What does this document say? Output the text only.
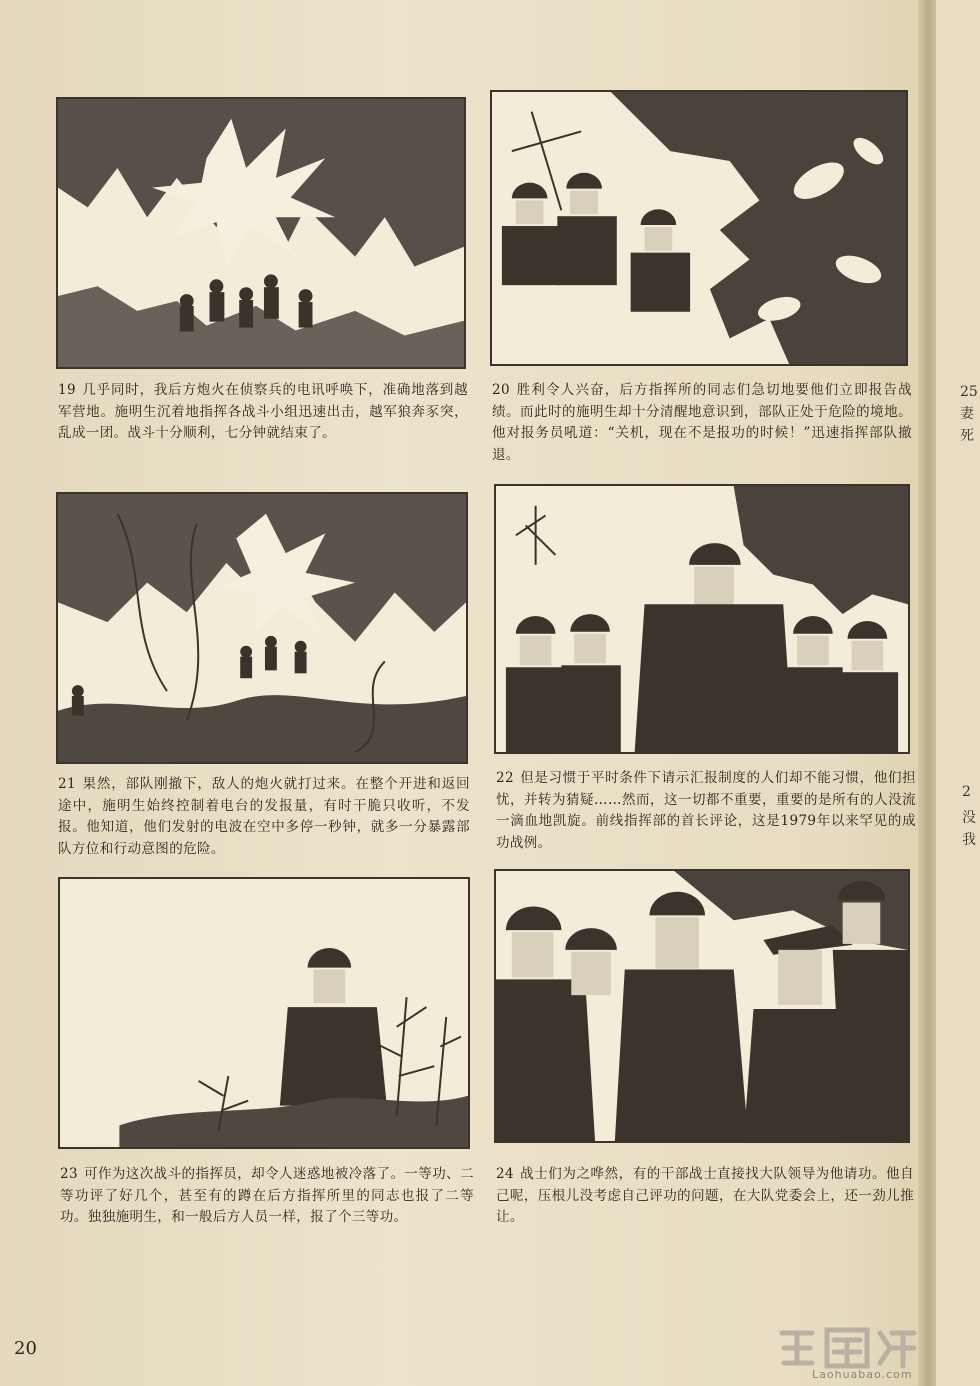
25
妻
死
2
没
我
19 几乎同时，我后方炮火在侦察兵的电讯呼唤下，准确地落到越军营地。施明生沉着地指挥各战斗小组迅速出击，越军狼奔豕突，乱成一团。战斗十分顺利，七分钟就结束了。
20 胜利令人兴奋，后方指挥所的同志们急切地要他们立即报告战绩。而此时的施明生却十分清醒地意识到，部队正处于危险的境地。他对报务员吼道：“关机，现在不是报功的时候！”迅速指挥部队撤退。
21 果然，部队刚撤下，敌人的炮火就打过来。在整个开进和返回途中，施明生始终控制着电台的发报量，有时干脆只收听，不发报。他知道，他们发射的电波在空中多停一秒钟，就多一分暴露部队方位和行动意图的危险。
22 但是习惯于平时条件下请示汇报制度的人们却不能习惯，他们担忧，并转为猜疑……然而，这一切都不重要，重要的是所有的人没流一滴血地凯旋。前线指挥部的首长评论，这是1979年以来罕见的成功战例。
23 可作为这次战斗的指挥员，却令人迷惑地被冷落了。一等功、二等功评了好几个，甚至有的蹲在后方指挥所里的同志也报了二等功。独独施明生，和一般后方人员一样，报了个三等功。
24 战士们为之哗然，有的干部战士直接找大队领导为他请功。他自己呢，压根儿没考虑自己评功的问题，在大队党委会上，还一劲儿推让。
20
Laohuabao.com
